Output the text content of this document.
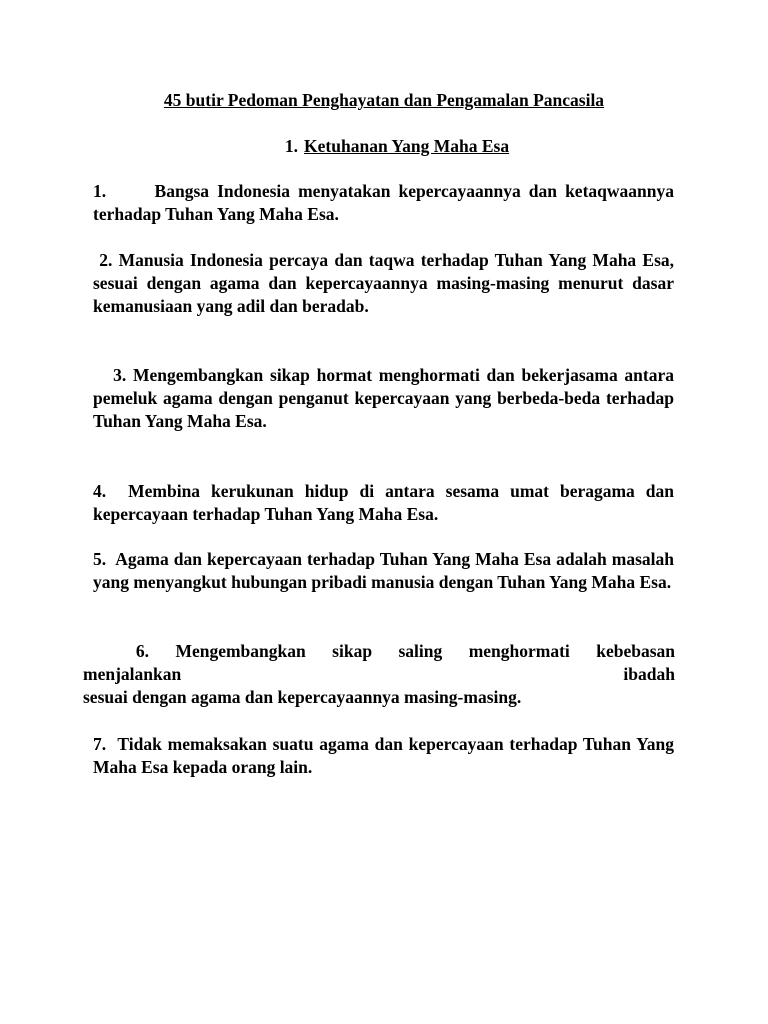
45 butir Pedoman Penghayatan dan Pengamalan Pancasila
1. Ketuhanan Yang Maha Esa

1.	Bangsa Indonesia menyatakan kepercayaannya dan ketaqwaannya terhadap Tuhan Yang Maha Esa.

2. Manusia Indonesia percaya dan taqwa terhadap Tuhan Yang Maha Esa, sesuai dengan agama dan kepercayaannya masing-masing menurut dasar kemanusiaan yang adil dan beradab.

3. Mengembangkan sikap hormat menghormati dan bekerjasama antara pemeluk agama dengan penganut kepercayaan yang berbeda-beda terhadap Tuhan Yang Maha Esa.

4. Membina kerukunan hidup di antara sesama umat beragama dan kepercayaan terhadap Tuhan Yang Maha Esa.

5. Agama dan kepercayaan terhadap Tuhan Yang Maha Esa adalah masalah yang menyangkut hubungan pribadi manusia dengan Tuhan Yang Maha Esa.

6. Mengembangkan sikap saling menghormati kebebasan
menjalankan ibadah
sesuai dengan agama dan kepercayaannya masing-masing.

7. Tidak memaksakan suatu agama dan kepercayaan terhadap Tuhan Yang Maha Esa kepada orang lain.
